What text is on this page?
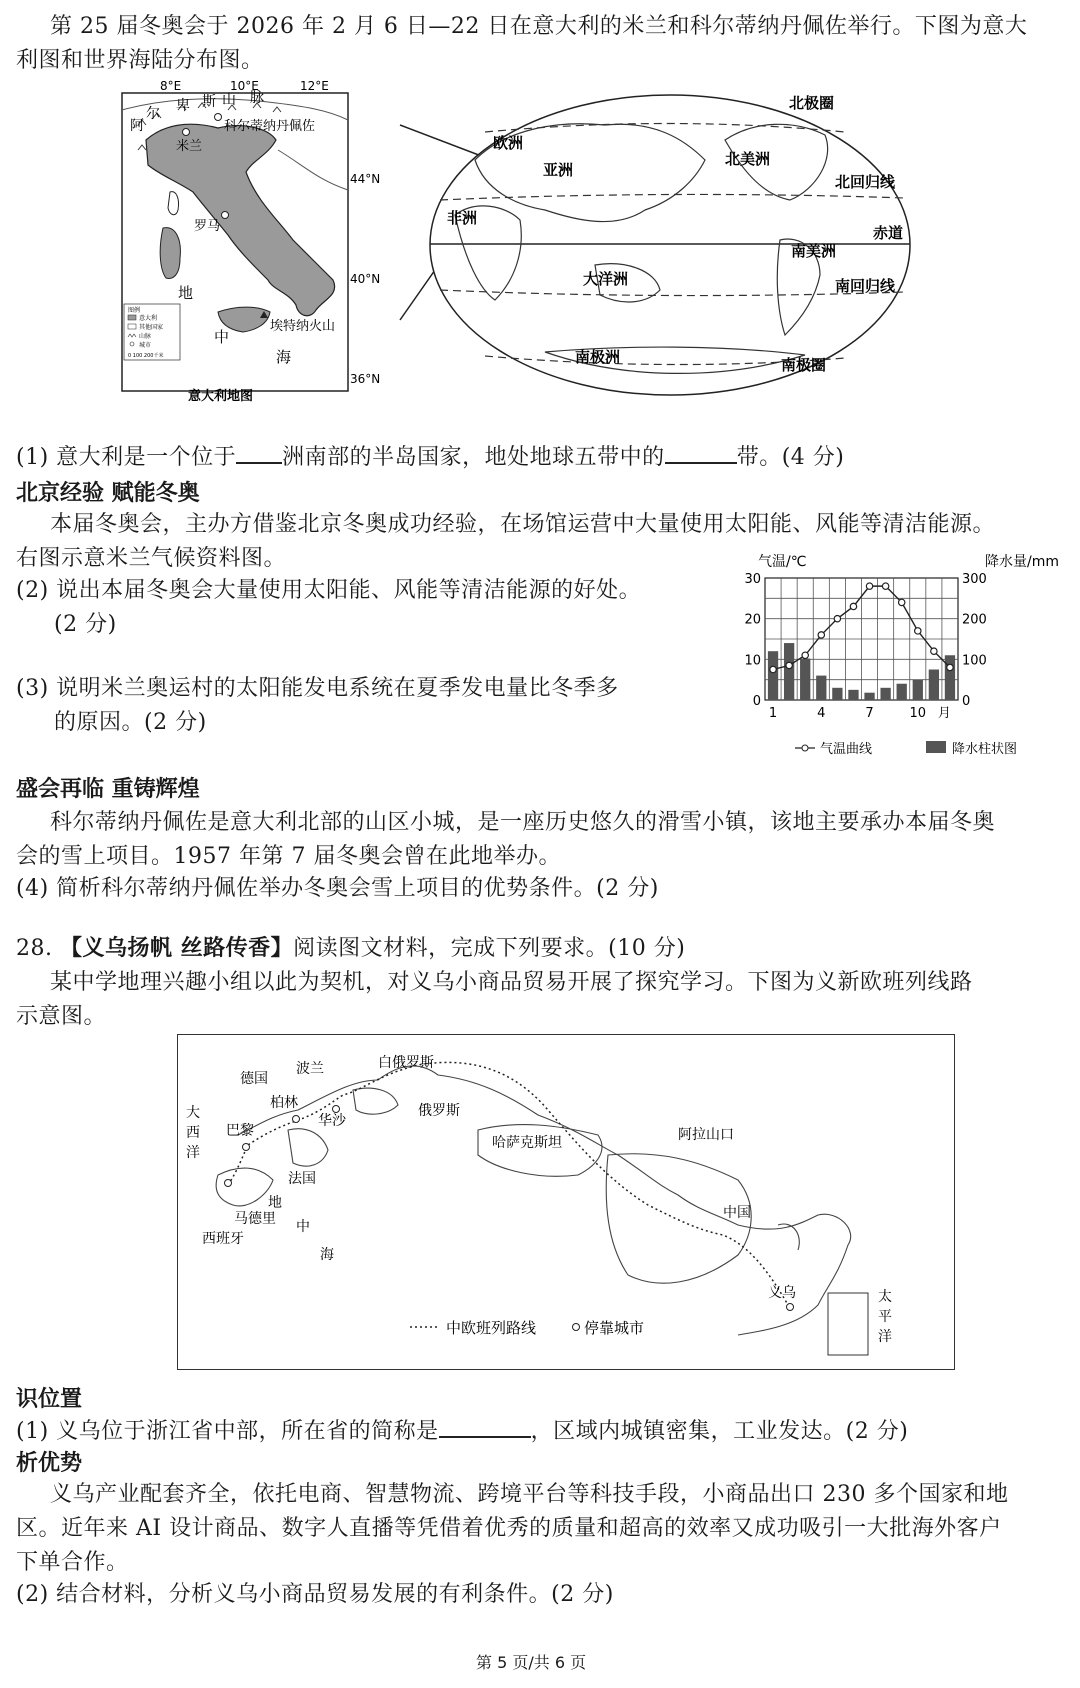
第 25 届冬奥会于 2026 年 2 月 6 日—22 日在意大利的米兰和科尔蒂纳丹佩佐举行。下图为意大
利图和世界海陆分布图。
8°E	10°E	12°E
44°N
40°N
36°N
阿
尔 卑 斯 山 脉
科尔蒂纳丹佩佐
米兰
罗马
地
中
海
埃特纳火山
图例
意大利
其他国家
山脉
城市
0 100 200千米
意大利地图
北极圈
欧洲
亚洲
北美洲
北回归线
非洲
赤道
南美洲
大洋洲	南回归线
南极洲	南极圈
(1) 意大利是一个位于 洲南部的半岛国家，地处地球五带中的	带。(4 分)
北京经验 赋能冬奥
本届冬奥会，主办方借鉴北京冬奥成功经验，在场馆运营中大量使用太阳能、风能等清洁能源。
右图示意米兰气候资料图。
(2) 说出本届冬奥会大量使用太阳能、风能等清洁能源的好处。
(2 分)
(3) 说明米兰奥运村的太阳能发电系统在夏季发电量比冬季多
的原因。(2 分)
气温/℃	降水量/mm
30
20
10
0
300
200
100
0
1	4	7	10 月
气温曲线	降水柱状图
盛会再临 重铸辉煌
科尔蒂纳丹佩佐是意大利北部的山区小城，是一座历史悠久的滑雪小镇，该地主要承办本届冬奥
会的雪上项目。1957 年第 7 届冬奥会曾在此地举办。
(4) 简析科尔蒂纳丹佩佐举办冬奥会雪上项目的优势条件。(2 分)
28. 【义乌扬帆 丝路传香】阅读图文材料，完成下列要求。(10 分)
某中学地理兴趣小组以此为契机，对义乌小商品贸易开展了探究学习。下图为义新欧班列线路
示意图。
白俄罗斯
波兰
德国
柏林
华沙
俄罗斯
大
西
洋
巴黎
哈萨克斯坦	阿拉山口
法国
地
马德里 中
中国
西班牙
海
义乌	太
平
洋
中欧班列路线	停靠城市
识位置
(1) 义乌位于浙江省中部，所在省的简称是	，区域内城镇密集，工业发达。(2 分)
析优势
义乌产业配套齐全，依托电商、智慧物流、跨境平台等科技手段，小商品出口 230 多个国家和地
区。近年来 AI 设计商品、数字人直播等凭借着优秀的质量和超高的效率又成功吸引一大批海外客户
下单合作。
(2) 结合材料，分析义乌小商品贸易发展的有利条件。(2 分)
第 5 页/共 6 页
